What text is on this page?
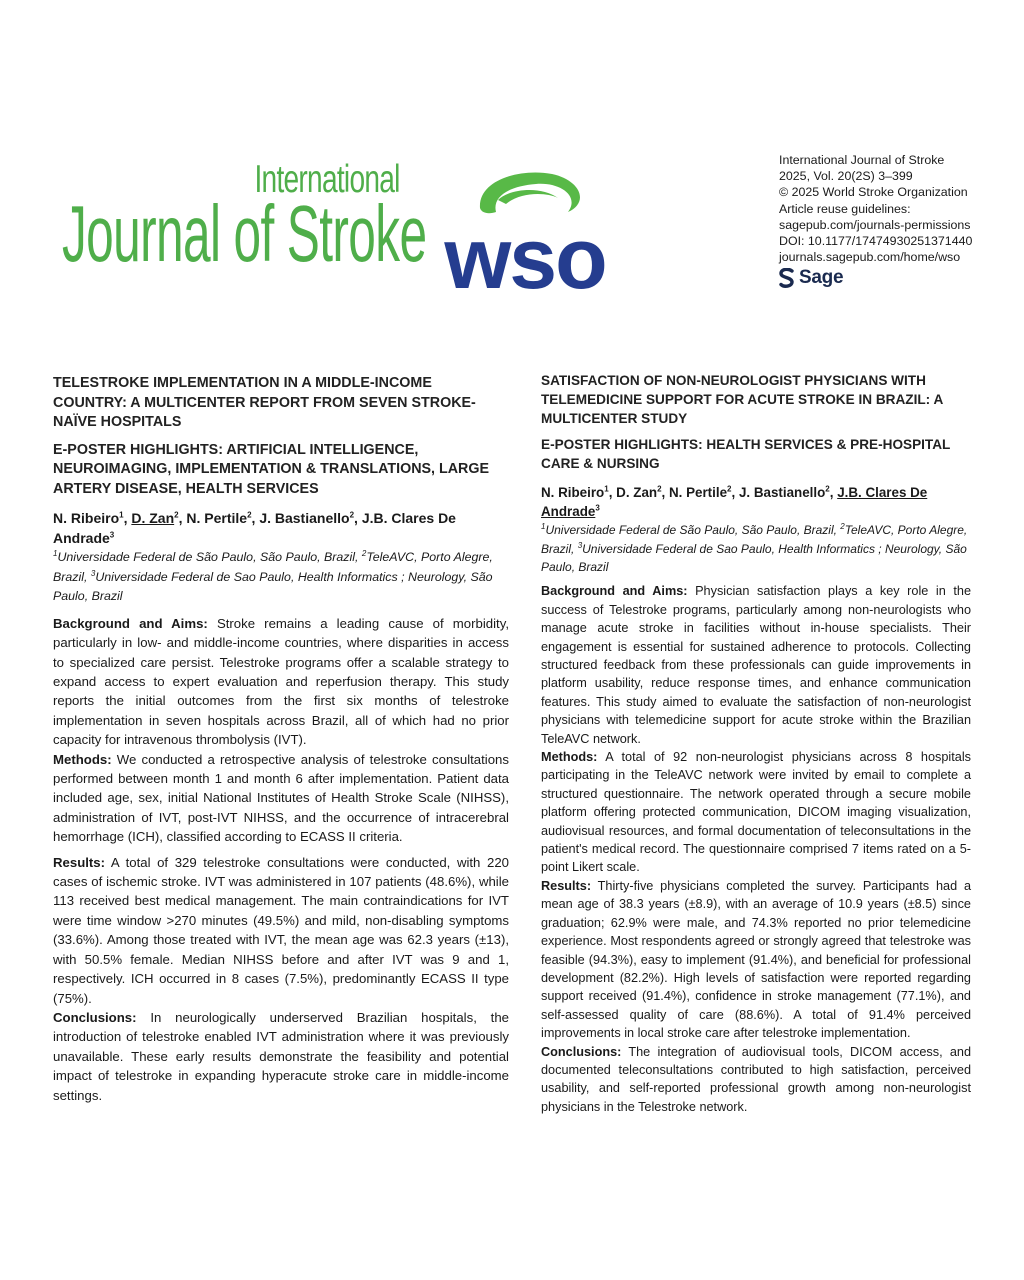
International
Journal of Stroke wso
International Journal of Stroke
2025, Vol. 20(2S) 3–399
© 2025 World Stroke Organization
Article reuse guidelines:
sagepub.com/journals-permissions
DOI: 10.1177/17474930251371440
journals.sagepub.com/home/wso
Sage

TELESTROKE IMPLEMENTATION IN A MIDDLE-INCOME COUNTRY: A MULTICENTER REPORT FROM SEVEN STROKE-NAÏVE HOSPITALS

E-POSTER HIGHLIGHTS: ARTIFICIAL INTELLIGENCE, NEUROIMAGING, IMPLEMENTATION & TRANSLATIONS, LARGE ARTERY DISEASE, HEALTH SERVICES

N. Ribeiro$^1$, D. Zan$^2$, N. Pertile$^2$, J. Bastianello$^2$, J.B. Clares De Andrade$^3$

$^1$Universidade Federal de São Paulo, São Paulo, Brazil, $^2$TeleAVC, Porto Alegre, Brazil, $^3$Universidade Federal de Sao Paulo, Health Informatics ; Neurology, São Paulo, Brazil

Background and Aims: Stroke remains a leading cause of morbidity, particularly in low- and middle-income countries, where disparities in access to specialized care persist. Telestroke programs offer a scalable strategy to expand access to expert evaluation and reperfusion therapy. This study reports the initial outcomes from the first six months of telestroke implementation in seven hospitals across Brazil, all of which had no prior capacity for intravenous thrombolysis (IVT).

Methods: We conducted a retrospective analysis of telestroke consultations performed between month 1 and month 6 after implementation. Patient data included age, sex, initial National Institutes of Health Stroke Scale (NIHSS), administration of IVT, post-IVT NIHSS, and the occurrence of intracerebral hemorrhage (ICH), classified according to ECASS II criteria.

Results: A total of 329 telestroke consultations were conducted, with 220 cases of ischemic stroke. IVT was administered in 107 patients (48.6%), while 113 received best medical management. The main contraindications for IVT were time window >270 minutes (49.5%) and mild, non-disabling symptoms (33.6%). Among those treated with IVT, the mean age was 62.3 years (±13), with 50.5% female. Median NIHSS before and after IVT was 9 and 1, respectively. ICH occurred in 8 cases (7.5%), predominantly ECASS II type (75%).

Conclusions: In neurologically underserved Brazilian hospitals, the introduction of telestroke enabled IVT administration where it was previously unavailable. These early results demonstrate the feasibility and potential impact of telestroke in expanding hyperacute stroke care in middle-income settings.

SATISFACTION OF NON-NEUROLOGIST PHYSICIANS WITH TELEMEDICINE SUPPORT FOR ACUTE STROKE IN BRAZIL: A MULTICENTER STUDY

E-POSTER HIGHLIGHTS: HEALTH SERVICES & PRE-HOSPITAL CARE & NURSING

N. Ribeiro$^1$, D. Zan$^2$, N. Pertile$^2$, J. Bastianello$^2$, J.B. Clares De Andrade$^3$

$^1$Universidade Federal de São Paulo, São Paulo, Brazil, $^2$TeleAVC, Porto Alegre, Brazil, $^3$Universidade Federal de Sao Paulo, Health Informatics ; Neurology, São Paulo, Brazil

Background and Aims: Physician satisfaction plays a key role in the success of Telestroke programs, particularly among non-neurologists who manage acute stroke in facilities without in-house specialists. Their engagement is essential for sustained adherence to protocols. Collecting structured feedback from these professionals can guide improvements in platform usability, reduce response times, and enhance communication features. This study aimed to evaluate the satisfaction of non-neurologist physicians with telemedicine support for acute stroke within the Brazilian TeleAVC network.

Methods: A total of 92 non-neurologist physicians across 8 hospitals participating in the TeleAVC network were invited by email to complete a structured questionnaire. The network operated through a secure mobile platform offering protected communication, DICOM imaging visualization, audiovisual resources, and formal documentation of teleconsultations in the patient's medical record. The questionnaire comprised 7 items rated on a 5-point Likert scale.

Results: Thirty-five physicians completed the survey. Participants had a mean age of 38.3 years (±8.9), with an average of 10.9 years (±8.5) since graduation; 62.9% were male, and 74.3% reported no prior telemedicine experience. Most respondents agreed or strongly agreed that telestroke was feasible (94.3%), easy to implement (91.4%), and beneficial for professional development (82.2%). High levels of satisfaction were reported regarding support received (91.4%), confidence in stroke management (77.1%), and self-assessed quality of care (88.6%). A total of 91.4% perceived improvements in local stroke care after telestroke implementation.

Conclusions: The integration of audiovisual tools, DICOM access, and documented teleconsultations contributed to high satisfaction, perceived usability, and self-reported professional growth among non-neurologist physicians in the Telestroke network.
